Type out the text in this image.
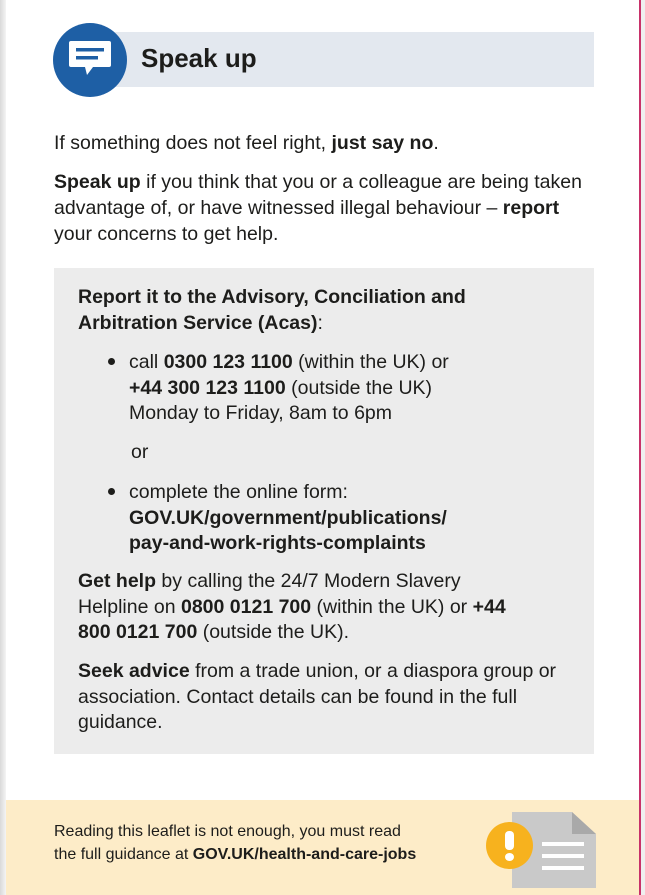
Speak up

If something does not feel right, just say no.

Speak up if you think that you or a colleague are being taken advantage of, or have witnessed illegal behaviour – report your concerns to get help.

Report it to the Advisory, Conciliation and Arbitration Service (Acas):

call 0300 123 1100 (within the UK) or
+44 300 123 1100 (outside the UK)
Monday to Friday, 8am to 6pm

or

complete the online form:
GOV.UK/government/publications/
pay-and-work-rights-complaints

Get help by calling the 24/7 Modern Slavery Helpline on 0800 0121 700 (within the UK) or +44 800 0121 700 (outside the UK).

Seek advice from a trade union, or a diaspora group or association. Contact details can be found in the full guidance.

Reading this leaflet is not enough, you must read
the full guidance at GOV.UK/health-and-care-jobs
